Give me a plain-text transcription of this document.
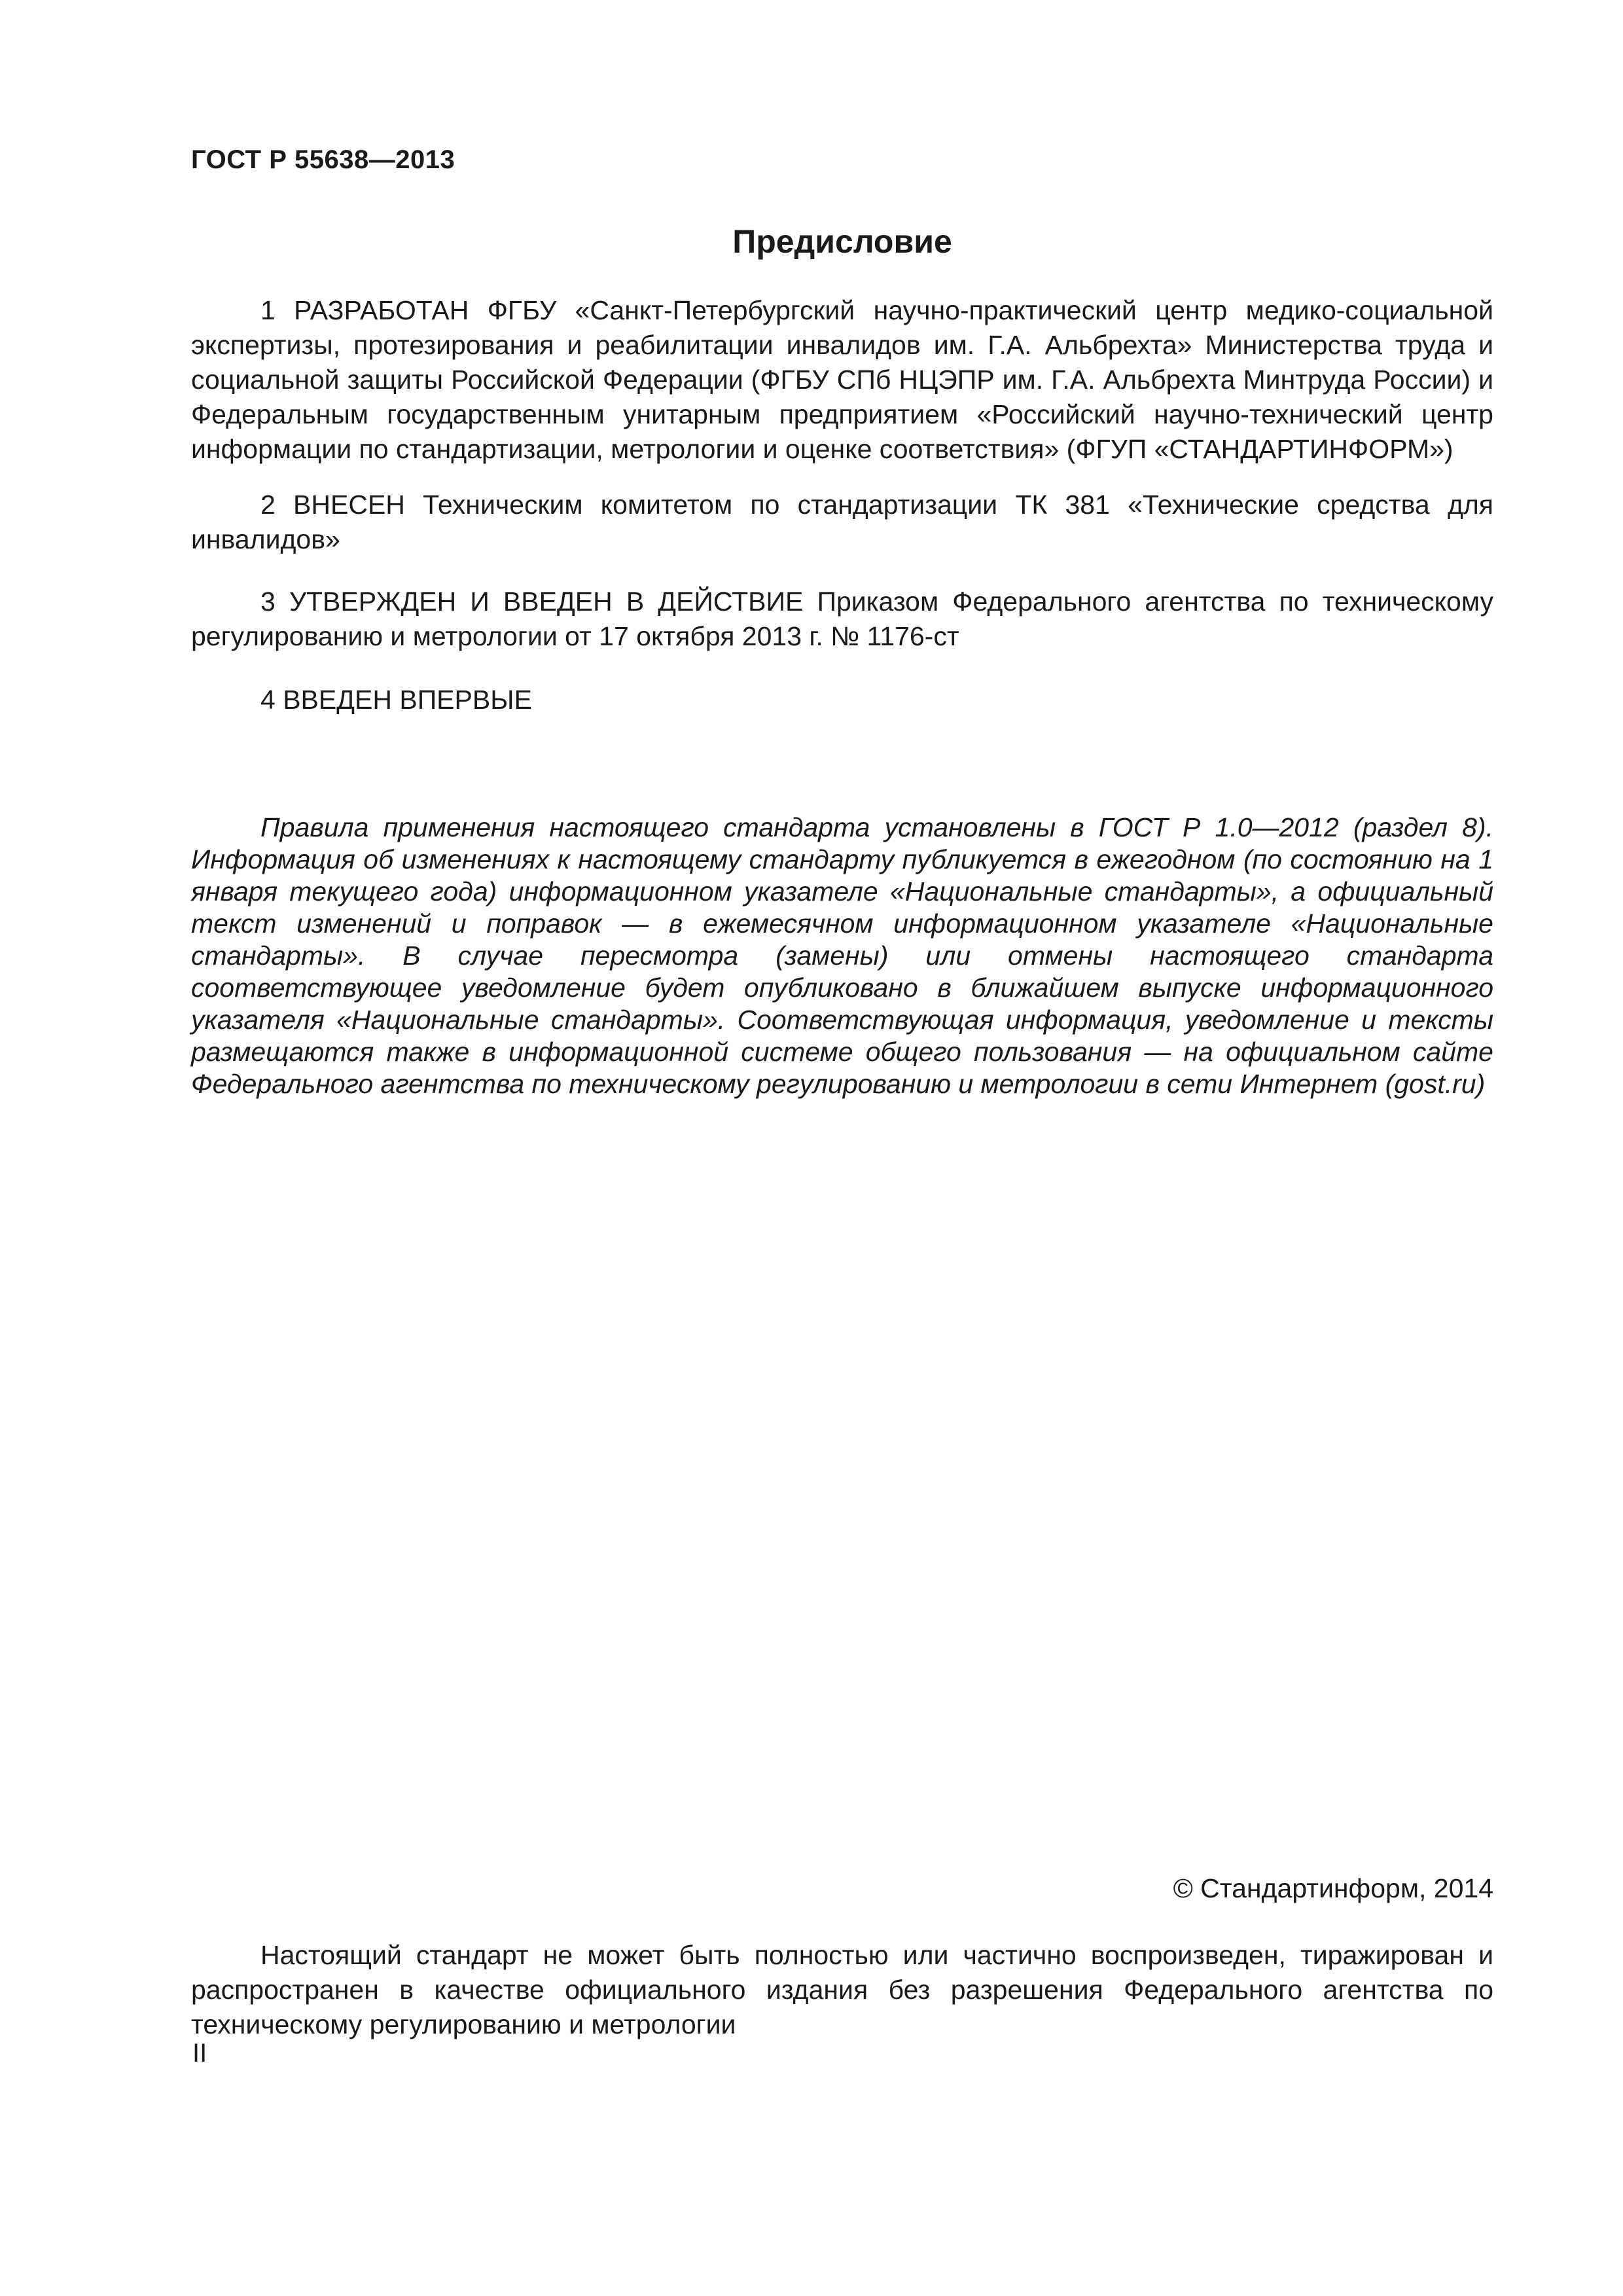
ГОСТ Р 55638—2013

Предисловие

1 РАЗРАБОТАН ФГБУ «Санкт-Петербургский научно-практический центр медико-социальной экспертизы, протезирования и реабилитации инвалидов им. Г.А. Альбрехта» Министерства труда и социальной защиты Российской Федерации (ФГБУ СПб НЦЭПР им. Г.А. Альбрехта Минтруда России) и Федеральным государственным унитарным предприятием «Российский научно-технический центр информации по стандартизации, метрологии и оценке соответствия» (ФГУП «СТАНДАРТИНФОРМ»)

2 ВНЕСЕН Техническим комитетом по стандартизации ТК 381 «Технические средства для инвалидов»

3 УТВЕРЖДЕН И ВВЕДЕН В ДЕЙСТВИЕ Приказом Федерального агентства по техническому регулированию и метрологии от 17 октября 2013 г. № 1176-ст

4 ВВЕДЕН ВПЕРВЫЕ

Правила применения настоящего стандарта установлены в ГОСТ Р 1.0—2012 (раздел 8). Информация об изменениях к настоящему стандарту публикуется в ежегодном (по состоянию на 1 января текущего года) информационном указателе «Национальные стандарты», а официальный текст изменений и поправок — в ежемесячном информационном указателе «Национальные стандарты». В случае пересмотра (замены) или отмены настоящего стандарта соответствующее уведомление будет опубликовано в ближайшем выпуске информационного указателя «Национальные стандарты». Соответствующая информация, уведомление и тексты размещаются также в информационной системе общего пользования — на официальном сайте Федерального агентства по техническому регулированию и метрологии в сети Интернет (gost.ru)

© Стандартинформ, 2014

Настоящий стандарт не может быть полностью или частично воспроизведен, тиражирован и распространен в качестве официального издания без разрешения Федерального агентства по техническому регулированию и метрологии

II
